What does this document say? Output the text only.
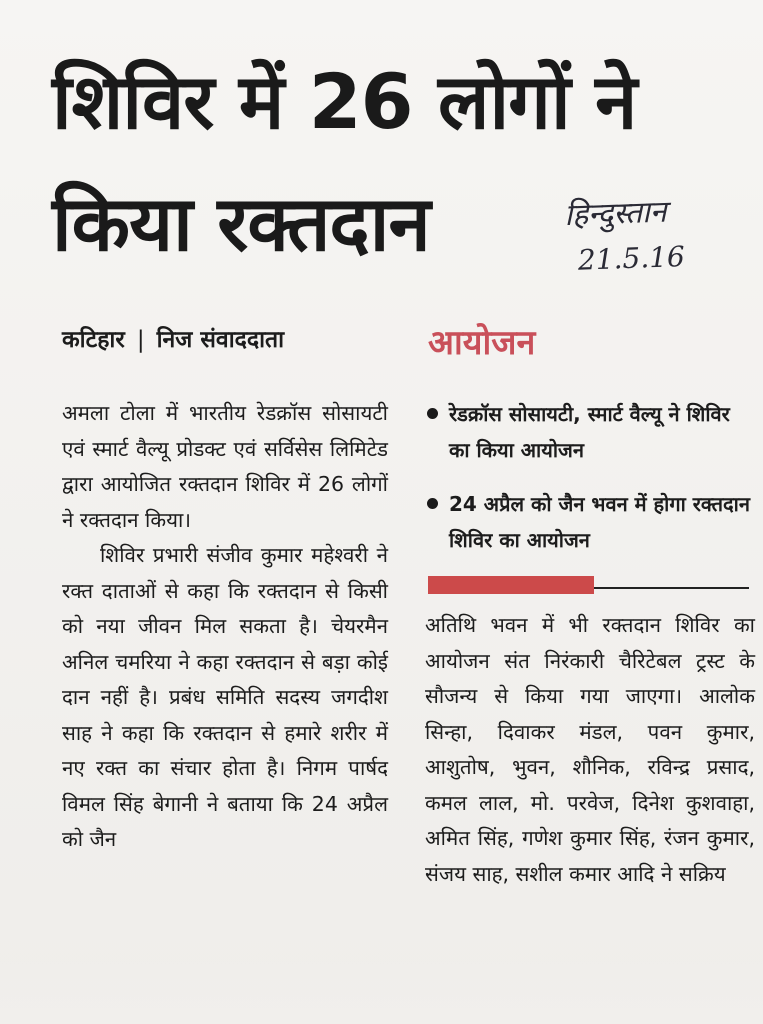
शिविर में 26 लोगों ने
किया रक्तदान	हिन्दुस्तान
21.5.16
कटिहार | निज संवाददाता	आयोजन

अमला टोला में भारतीय रेडक्रॉस सोसायटी एवं स्मार्ट वैल्यू प्रोडक्ट एवं सर्विसेस लिमिटेड द्वारा आयोजित रक्तदान शिविर में 26 लोगों ने रक्तदान किया।

शिविर प्रभारी संजीव कुमार महेश्वरी ने रक्त दाताओं से कहा कि रक्तदान से किसी को नया जीवन मिल सकता है। चेयरमैन अनिल चमरिया ने कहा रक्तदान से बड़ा कोई दान नहीं है। प्रबंध समिति सदस्य जगदीश साह ने कहा कि रक्तदान से हमारे शरीर में नए रक्त का संचार होता है। निगम पार्षद विमल सिंह बेगानी ने बताया कि 24 अप्रैल को जैन

रेडक्रॉस सोसायटी, स्मार्ट वैल्यू ने शिविर का किया आयोजन
24 अप्रैल को जैन भवन में होगा रक्तदान शिविर का आयोजन

अतिथि भवन में भी रक्तदान शिविर का आयोजन संत निरंकारी चैरिटेबल ट्रस्ट के सौजन्य से किया गया जाएगा। आलोक सिन्हा, दिवाकर मंडल, पवन कुमार, आशुतोष, भुवन, शौनिक, रविन्द्र प्रसाद, कमल लाल, मो. परवेज, दिनेश कुशवाहा, अमित सिंह, गणेश कुमार सिंह, रंजन कुमार, संजय साह, सशील कमार आदि ने सक्रिय
